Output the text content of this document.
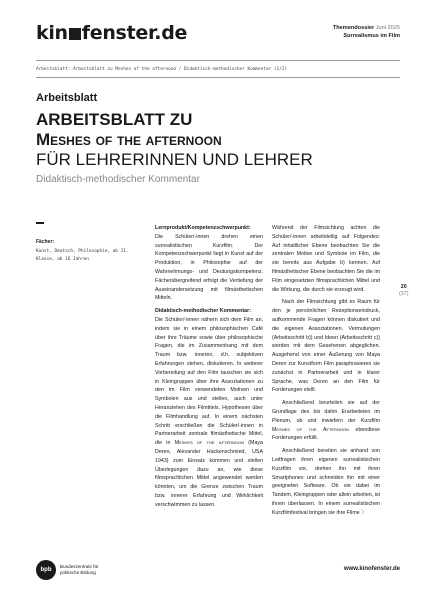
kin fenster.de	Themendossier Juni 2025
Surrealismus im Film
Arbeitsblatt: Arbeitsblatt zu Meshes of the afternoon / Didaktisch-methodischer Kommentar (1/2)
Arbeitsblatt
ARBEITSBLATT ZU
Meshes of the afternoon
FÜR LEHRERINNEN UND LEHRER
Didaktisch-methodischer Kommentar
Fächer:
Kunst, Deutsch, Philosophie, ab 11. Klasse, ab 16 Jahren

Lernprodukt/Kompetenzschwerpunkt:
Die Schüler/-innen drehen einen surrealistischen Kurzfilm. Der Kompetenzschwerpunkt liegt in Kunst auf der Produktion, in Philosophie auf der Wahrnehmungs- und Deutungskompetenz. Fächerübergreifend erfolgt die Vertiefung der Auseinandersetzung mit filmästhetischen Mitteln.

Didaktisch-methodischer Kommentar:
Die Schüler/-innen nähern sich dem Film an, indem sie in einem philosophischen Café über ihre Träume sowie über philosophische Fragen, die im Zusammenhang mit dem Traum bzw. inneren, d.h. subjektiven Erfahrungen stehen, diskutieren. In weiterer Vorbereitung auf den Film tauschen sie sich in Kleingruppen über ihre Assoziationen zu den im Film verwendeten Motiven und Symbolen aus und stellen, auch unter Heranziehen des Filmtitels, Hypothesen über die Filmhandlung auf. In einem nächsten Schritt erschließen die Schüler/-innen in Partnerarbeit zentrale filmästhetische Mittel, die in Meshes of the afternoon (Maya Deren, Alexander Hackenschmied, USA 1943) zum Einsatz kommen und stellen Überlegungen dazu an, wie diese filmsprachlichen Mittel angewendet werden könnten, um die Grenze zwischen Traum bzw. innerer Erfahrung und Wirklichkeit verschwimmen zu lassen.

Während der Filmsichtung achten die Schüler/-innen arbeitsteilig auf Folgendes: Auf inhaltlicher Ebene beobachten Sie die zentralen Motive und Symbole im Film, die sie bereits aus Aufgabe b) kennen. Auf filmästhetischer Ebene beobachten Sie die im Film eingesetzten filmsprachlichen Mittel und die Wirkung, die durch sie erzeugt wird.

Nach der Filmsichtung gibt es Raum für den je persönlichen Rezeptionseindruck, aufkommende Fragen können diskutiert und die eigenen Assoziationen, Vermutungen (Arbeitsschritt b)) und Ideen (Arbeitsschritt c)) werden mit dem Gesehenen abgeglichen. Ausgehend von einer Äußerung von Maya Deren zur Kunstform Film paraphrasieren sie zunächst in Partnerarbeit und in klarer Sprache, was Deren an den Film für Forderungen stellt.

Anschließend beurteilen sie auf der Grundlage des bis dahin Erarbeiteten im Plenum, ob und inwiefern der Kurzfilm Meshes of the Afternoon ebendiese Forderungen erfüllt.

Anschließend bereiten sie anhand von Leitfragen ihren eigenen surrealistischen Kurzfilm vor, drehen ihn mit ihren Smartphones und schneiden ihn mit einer geeigneten Software. Ob sie dabei im Tandem, Kleingruppen oder allein arbeiten, ist ihnen überlassen. In einem surrealistischen Kurzfilmfestival bringen sie ihre Filme 〉

20
(37)
bpb
Bundeszentrale für
politische Bildung
www.kinofenster.de
